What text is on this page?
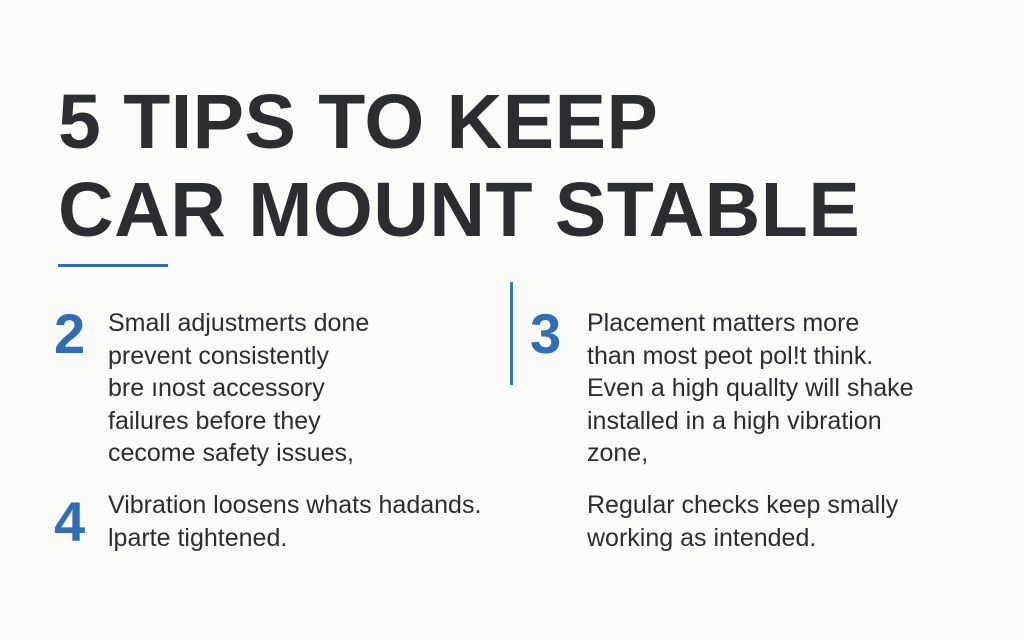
5 TIPS TO KEEP
CAR MOUNT STABLE
2 Small adjustmerts done
prevent consistently
bre ınost accessory
failures before they
cecome safety issues,
3 Placement matters more
than most peot pol!t think.
Even a high quallty will shake
installed in a high vibration
zone,
4 Vibration loosens whats hadands.
lparte tightened.
Regular checks keep smally
working as intended.
